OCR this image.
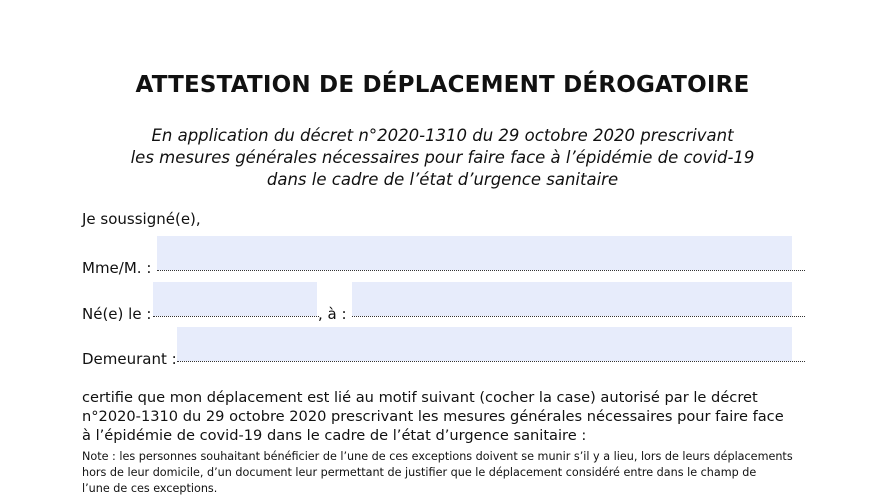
ATTESTATION DE DÉPLACEMENT DÉROGATOIRE

En application du décret n°2020-1310 du 29 octobre 2020 prescrivant

les mesures générales nécessaires pour faire face à l’épidémie de covid-19

dans le cadre de l’état d’urgence sanitaire

Je soussigné(e),
Mme/M. :
Né(e) le :	, à :
Demeurant :

certifie que mon déplacement est lié au motif suivant (cocher la case) autorisé par le décret

n°2020-1310 du 29 octobre 2020 prescrivant les mesures générales nécessaires pour faire face

à l’épidémie de covid-19 dans le cadre de l’état d’urgence sanitaire :

Note : les personnes souhaitant bénéficier de l’une de ces exceptions doivent se munir s’il y a lieu, lors de leurs déplacements

hors de leur domicile, d’un document leur permettant de justifier que le déplacement considéré entre dans le champ de

l’une de ces exceptions.
